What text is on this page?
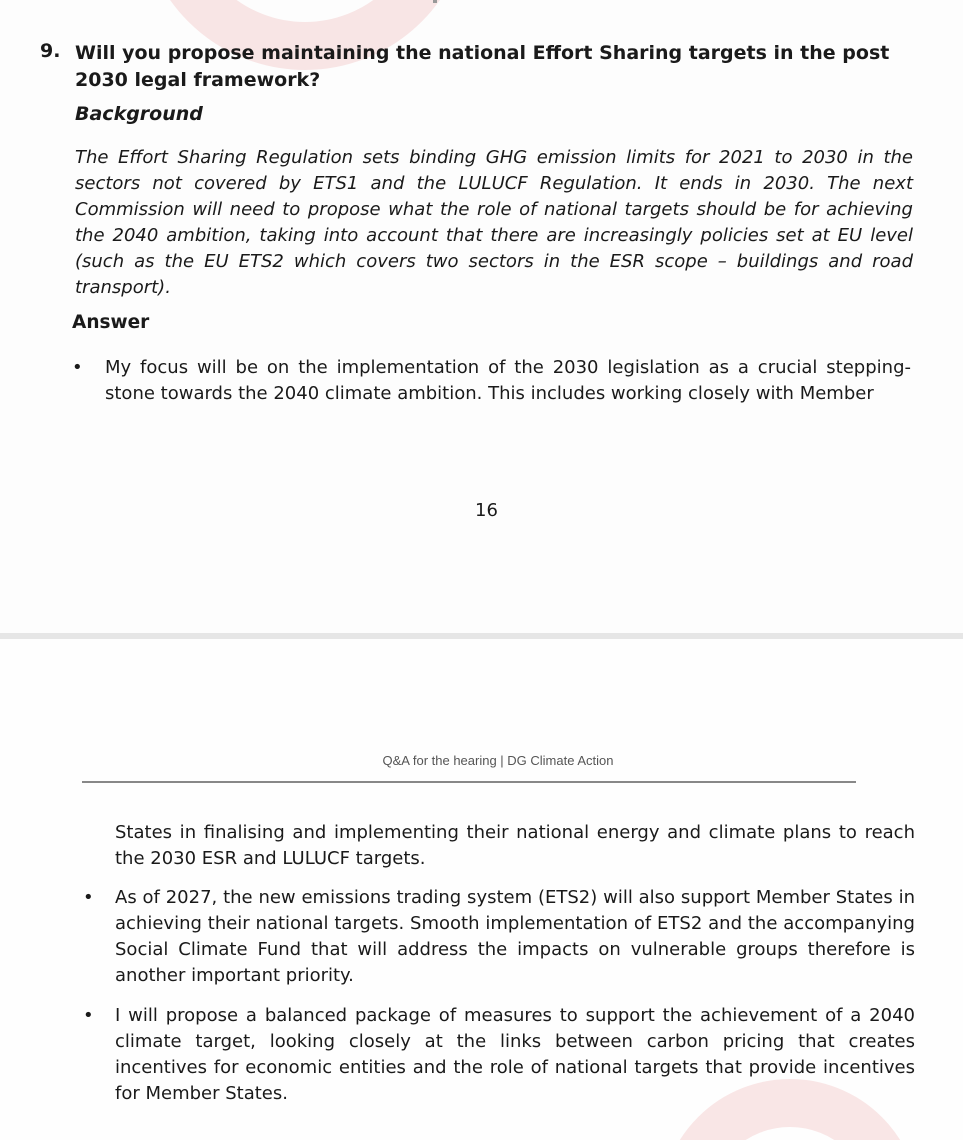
9. Will you propose maintaining the national Effort Sharing targets in the post 2030 legal framework?
Background
The Effort Sharing Regulation sets binding GHG emission limits for 2021 to 2030 in the sectors not covered by ETS1 and the LULUCF Regulation. It ends in 2030. The next Commission will need to propose what the role of national targets should be for achieving the 2040 ambition, taking into account that there are increasingly policies set at EU level (such as the EU ETS2 which covers two sectors in the ESR scope – buildings and road transport).
Answer
•	My focus will be on the implementation of the 2030 legislation as a crucial stepping-stone towards the 2040 climate ambition. This includes working closely with Member
16
Q&A for the hearing | DG Climate Action
States in finalising and implementing their national energy and climate plans to reach the 2030 ESR and LULUCF targets.
•	As of 2027, the new emissions trading system (ETS2) will also support Member States in achieving their national targets. Smooth implementation of ETS2 and the accompanying Social Climate Fund that will address the impacts on vulnerable groups therefore is another important priority.
•	I will propose a balanced package of measures to support the achievement of a 2040 climate target, looking closely at the links between carbon pricing that creates incentives for economic entities and the role of national targets that provide incentives for Member States.
